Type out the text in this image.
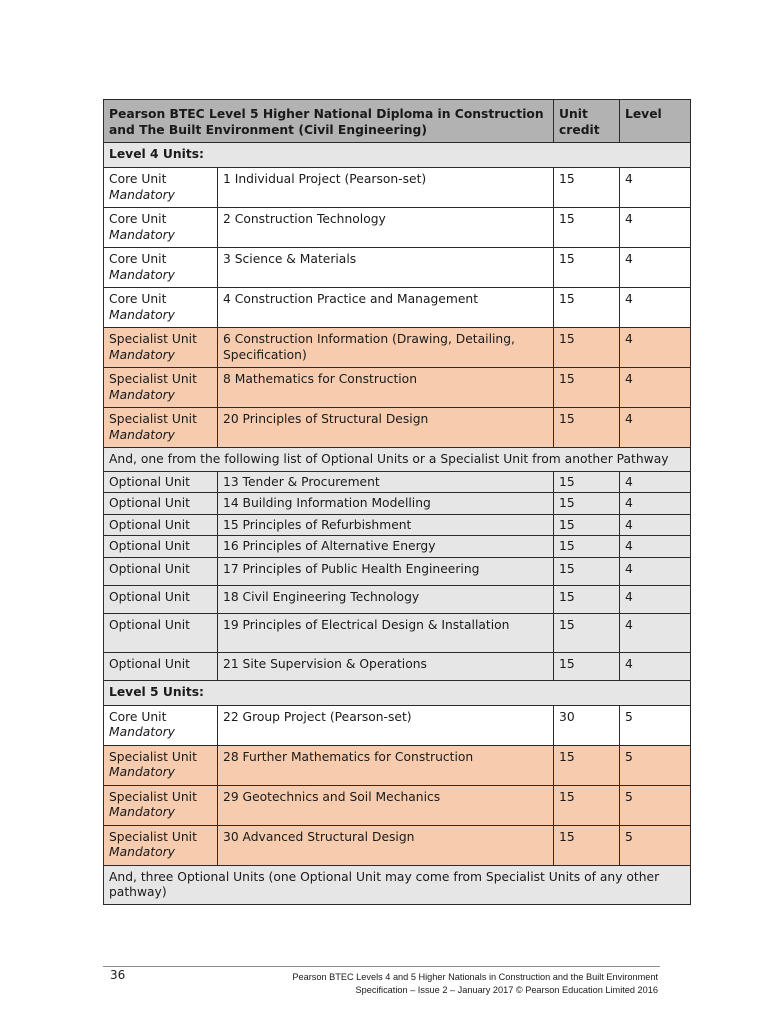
Pearson BTEC Level 5 Higher National Diploma in Construction and The Built Environment (Civil Engineering)		Unit credit	Level
Level 4 Units:			

Core Unit
Mandatory	1 Individual Project (Pearson-set)	15	4

Core Unit
Mandatory	2 Construction Technology	15	4

Core Unit
Mandatory	3 Science & Materials	15	4

Core Unit
Mandatory	4 Construction Practice and Management	15	4

Specialist Unit
Mandatory	6 Construction Information (Drawing, Detailing, Specification)	15	4

Specialist Unit
Mandatory	8 Mathematics for Construction	15	4

Specialist Unit
Mandatory	20 Principles of Structural Design	15	4
And, one from the following list of Optional Units or a Specialist Unit from another Pathway			
Optional Unit	13 Tender & Procurement	15	4
Optional Unit	14 Building Information Modelling	15	4
Optional Unit	15 Principles of Refurbishment	15	4
Optional Unit	16 Principles of Alternative Energy	15	4
Optional Unit	17 Principles of Public Health Engineering	15	4
Optional Unit	18 Civil Engineering Technology	15	4
Optional Unit	19 Principles of Electrical Design & Installation	15	4
Optional Unit	21 Site Supervision & Operations	15	4
Level 5 Units:			

Core Unit
Mandatory	22 Group Project (Pearson-set)	30	5

Specialist Unit
Mandatory	28 Further Mathematics for Construction	15	5

Specialist Unit
Mandatory	29 Geotechnics and Soil Mechanics	15	5

Specialist Unit
Mandatory	30 Advanced Structural Design	15	5
And, three Optional Units (one Optional Unit may come from Specialist Units of any other pathway)			
36	Pearson BTEC Levels 4 and 5 Higher Nationals in Construction and the Built Environment
Specification – Issue 2 – January 2017 © Pearson Education Limited 2016
